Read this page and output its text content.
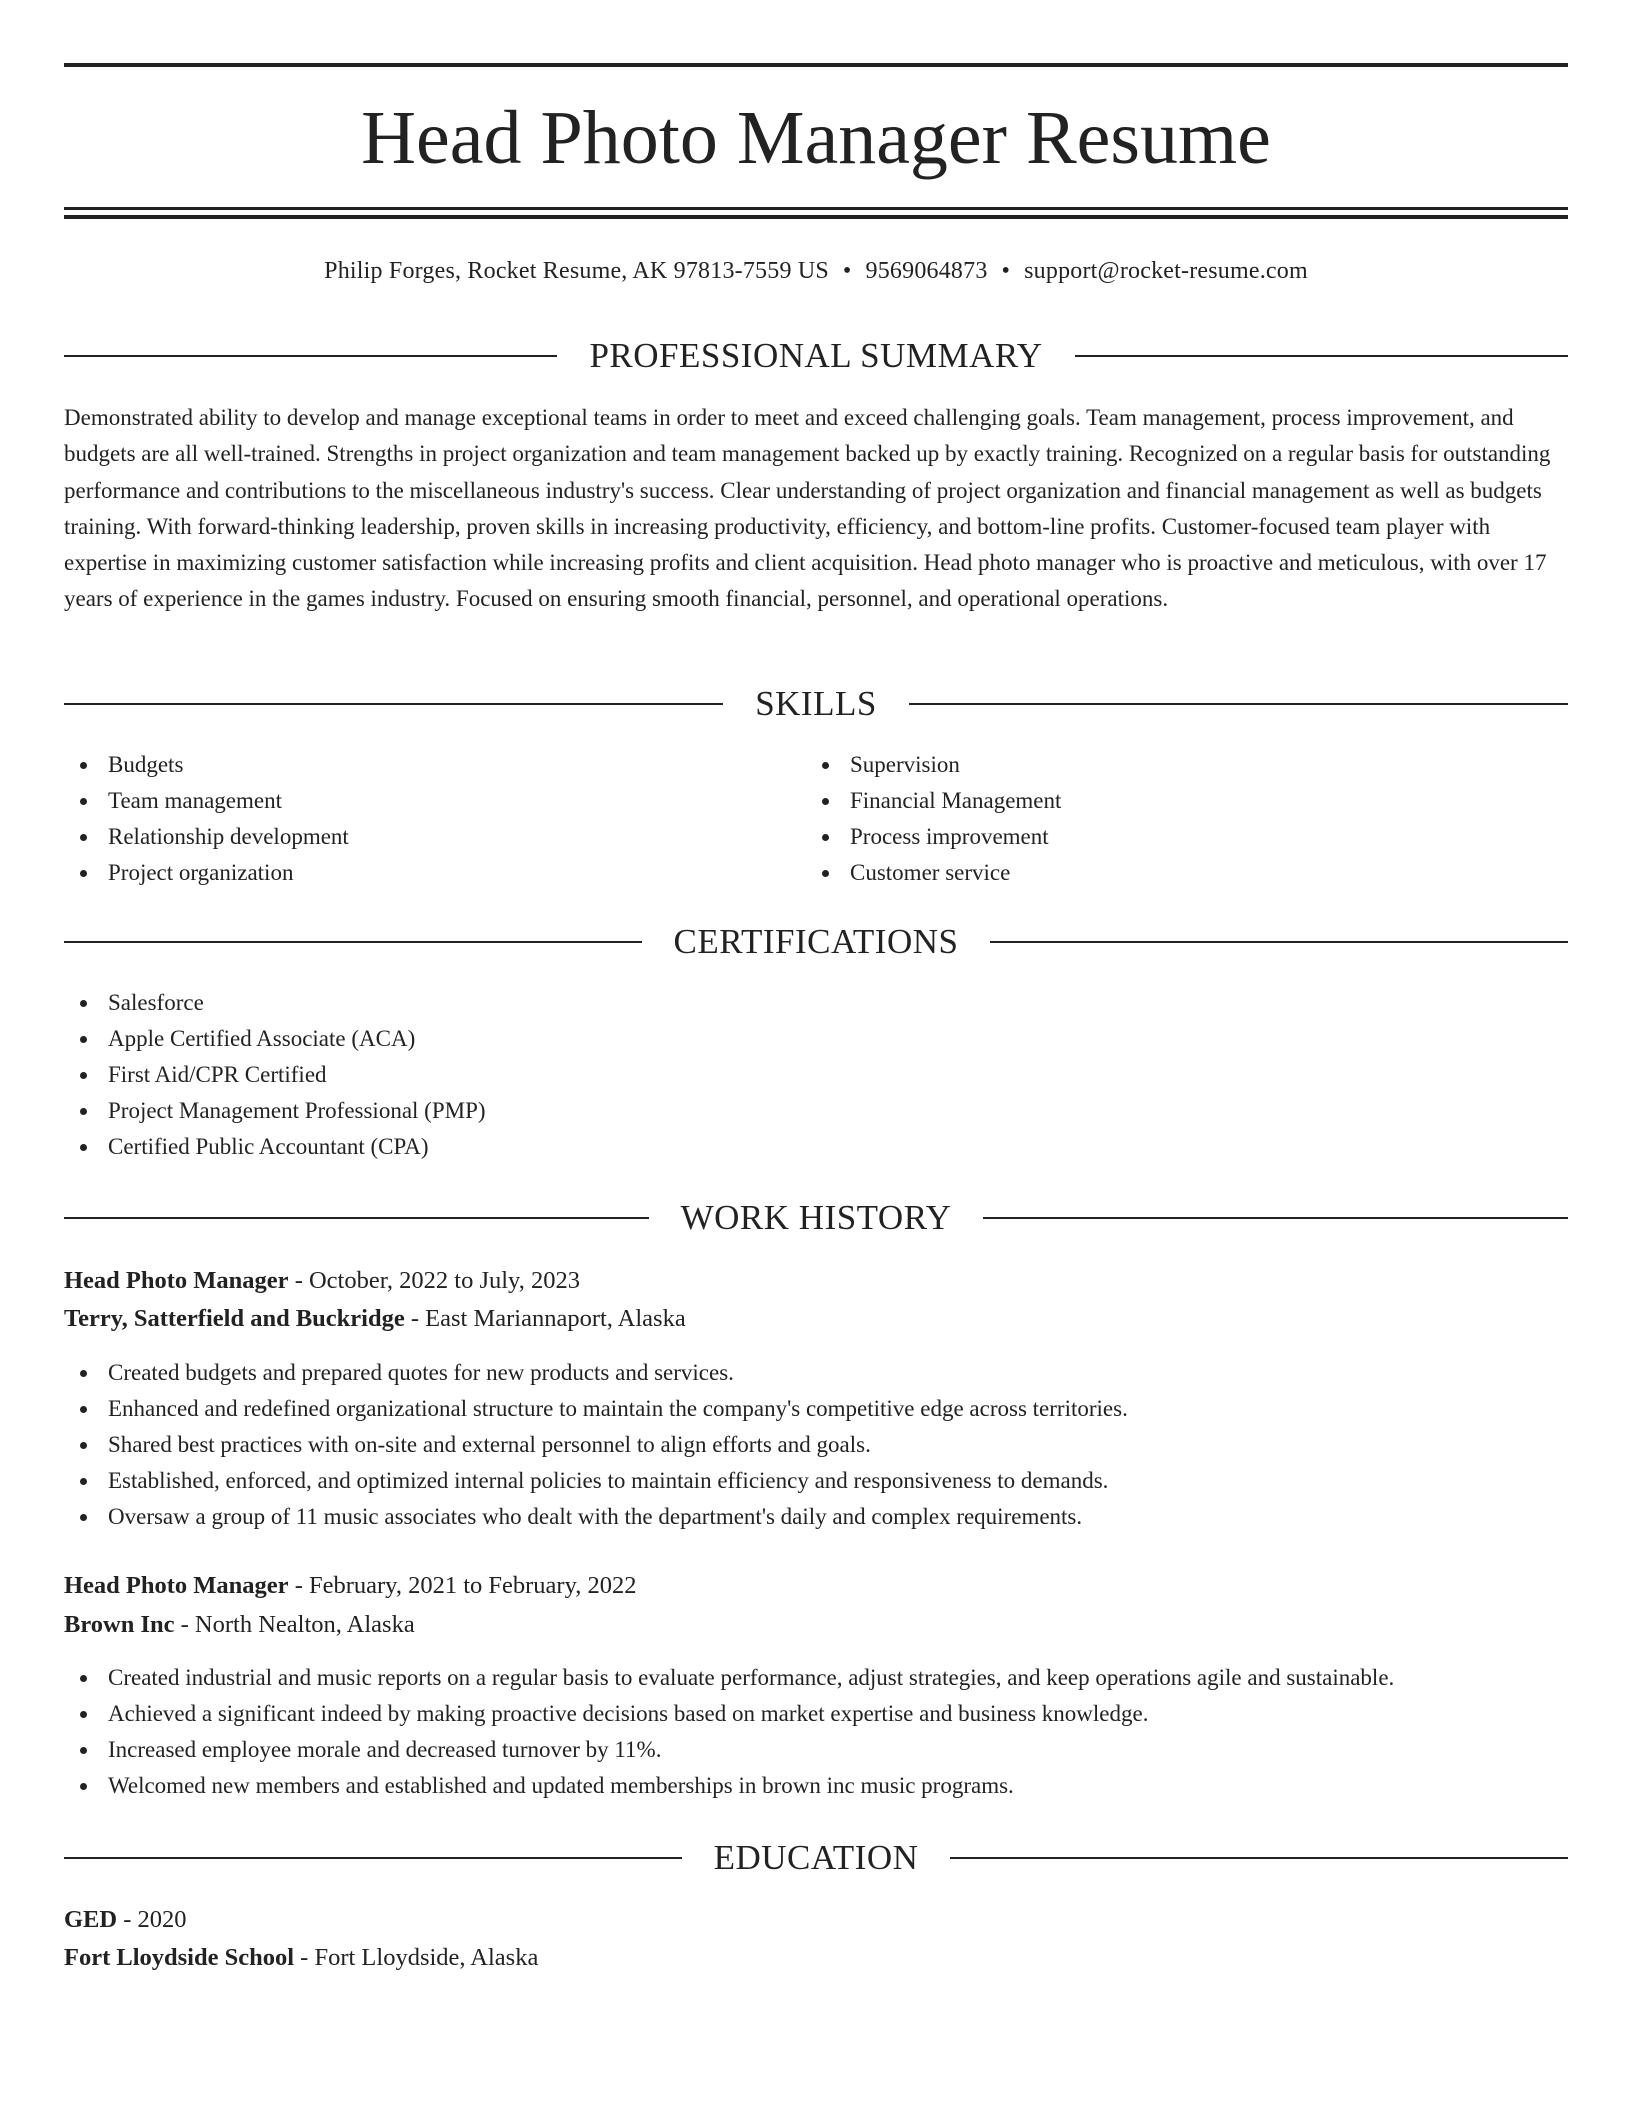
Head Photo Manager Resume
Philip Forges, Rocket Resume, AK 97813-7559 US • 9569064873 • support@rocket-resume.com
PROFESSIONAL SUMMARY

Demonstrated ability to develop and manage exceptional teams in order to meet and exceed challenging goals. Team management, process improvement, and budgets are all well-trained. Strengths in project organization and team management backed up by exactly training. Recognized on a regular basis for outstanding performance and contributions to the miscellaneous industry's success. Clear understanding of project organization and financial management as well as budgets training. With forward-thinking leadership, proven skills in increasing productivity, efficiency, and bottom-line profits. Customer-focused team player with expertise in maximizing customer satisfaction while increasing profits and client acquisition. Head photo manager who is proactive and meticulous, with over 17 years of experience in the games industry. Focused on ensuring smooth financial, personnel, and operational operations.

SKILLS
Budgets
Team management
Relationship development
Project organization
Supervision
Financial Management
Process improvement
Customer service
CERTIFICATIONS
Salesforce
Apple Certified Associate (ACA)
First Aid/CPR Certified
Project Management Professional (PMP)
Certified Public Accountant (CPA)
WORK HISTORY
Head Photo Manager - October, 2022 to July, 2023
Terry, Satterfield and Buckridge - East Mariannaport, Alaska
Created budgets and prepared quotes for new products and services.
Enhanced and redefined organizational structure to maintain the company's competitive edge across territories.
Shared best practices with on-site and external personnel to align efforts and goals.
Established, enforced, and optimized internal policies to maintain efficiency and responsiveness to demands.
Oversaw a group of 11 music associates who dealt with the department's daily and complex requirements.
Head Photo Manager - February, 2021 to February, 2022
Brown Inc - North Nealton, Alaska
Created industrial and music reports on a regular basis to evaluate performance, adjust strategies, and keep operations agile and sustainable.
Achieved a significant indeed by making proactive decisions based on market expertise and business knowledge.
Increased employee morale and decreased turnover by 11%.
Welcomed new members and established and updated memberships in brown inc music programs.
EDUCATION
GED - 2020
Fort Lloydside School - Fort Lloydside, Alaska
